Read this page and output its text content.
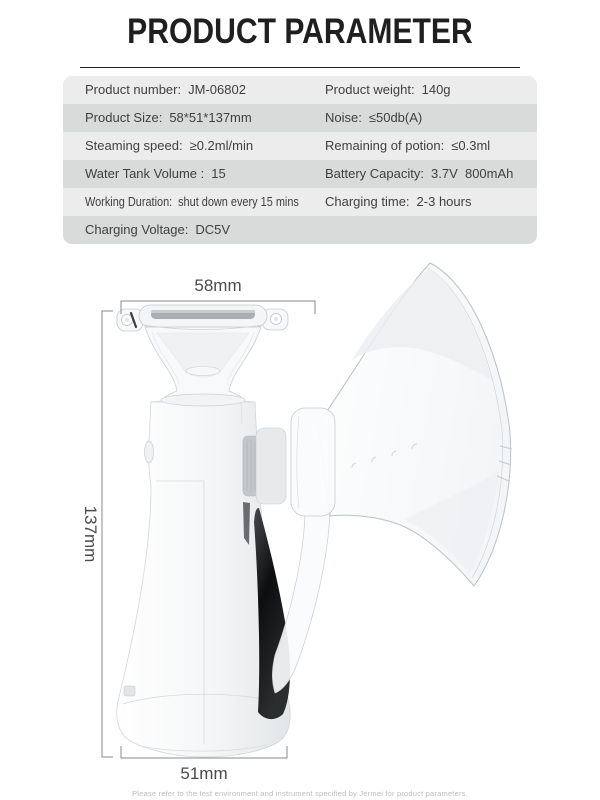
PRODUCT PARAMETER
Product number: JM-06802	Product weight: 140g
Product Size: 58*51*137mm	Noise: ≤50db(A)
Steaming speed: ≥0.2ml/min	Remaining of potion: ≤0.3ml
Water Tank Volume : 15	Battery Capacity: 3.7V  800mAh
Working Duration: shut down every 15 mins	Charging time: 2-3 hours
Charging Voltage: DC5V
58mm
137mm
51mm
Please refer to the test environment and instrument specified by Jermei for product parameters.
